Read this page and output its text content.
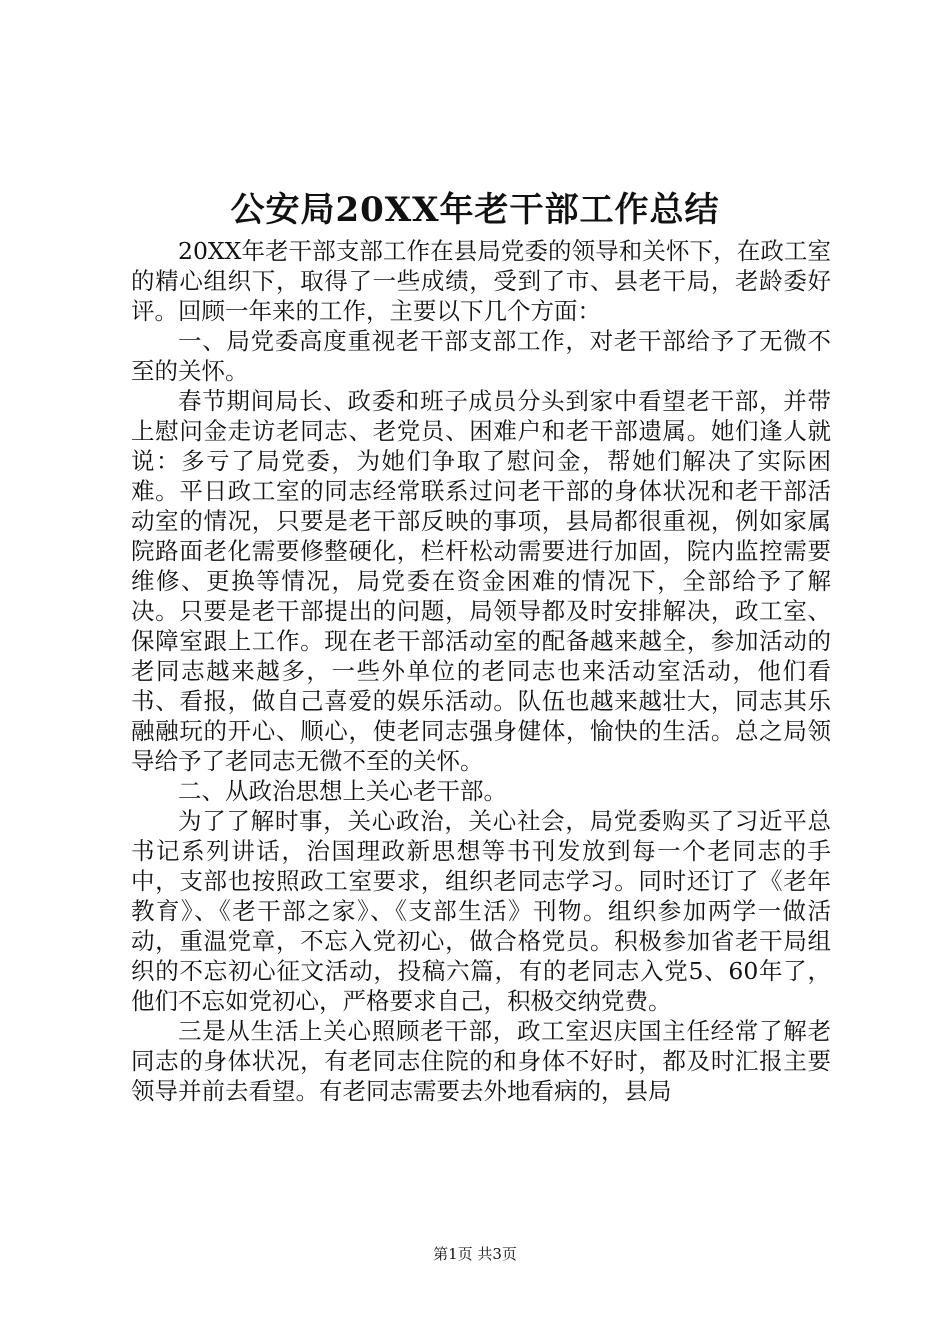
公安局20XX年老干部工作总结

20XX年老干部支部工作在县局党委的领导和关怀下，在政工室的精心组织下，取得了一些成绩，受到了市、县老干局，老龄委好评。回顾一年来的工作，主要以下几个方面：

一、局党委高度重视老干部支部工作，对老干部给予了无微不至的关怀。

春节期间局长、政委和班子成员分头到家中看望老干部，并带上慰问金走访老同志、老党员、困难户和老干部遗属。她们逢人就说：多亏了局党委，为她们争取了慰问金，帮她们解决了实际困难。平日政工室的同志经常联系过问老干部的身体状况和老干部活动室的情况，只要是老干部反映的事项，县局都很重视，例如家属院路面老化需要修整硬化，栏杆松动需要进行加固，院内监控需要维修、更换等情况，局党委在资金困难的情况下，全部给予了解决。只要是老干部提出的问题，局领导都及时安排解决，政工室、保障室跟上工作。现在老干部活动室的配备越来越全，参加活动的老同志越来越多，一些外单位的老同志也来活动室活动，他们看书、看报，做自己喜爱的娱乐活动。队伍也越来越壮大，同志其乐融融玩的开心、顺心，使老同志强身健体，愉快的生活。总之局领导给予了老同志无微不至的关怀。

二、从政治思想上关心老干部。

为了了解时事，关心政治，关心社会，局党委购买了习近平总书记系列讲话，治国理政新思想等书刊发放到每一个老同志的手中，支部也按照政工室要求，组织老同志学习。同时还订了《老年教育》、《老干部之家》、《支部生活》刊物。组织参加两学一做活动，重温党章，不忘入党初心，做合格党员。积极参加省老干局组织的不忘初心征文活动，投稿六篇，有的老同志入党5、60年了，他们不忘如党初心，严格要求自己，积极交纳党费。

三是从生活上关心照顾老干部，政工室迟庆国主任经常了解老同志的身体状况，有老同志住院的和身体不好时，都及时汇报主要领导并前去看望。有老同志需要去外地看病的，县局

第1页 共3页
